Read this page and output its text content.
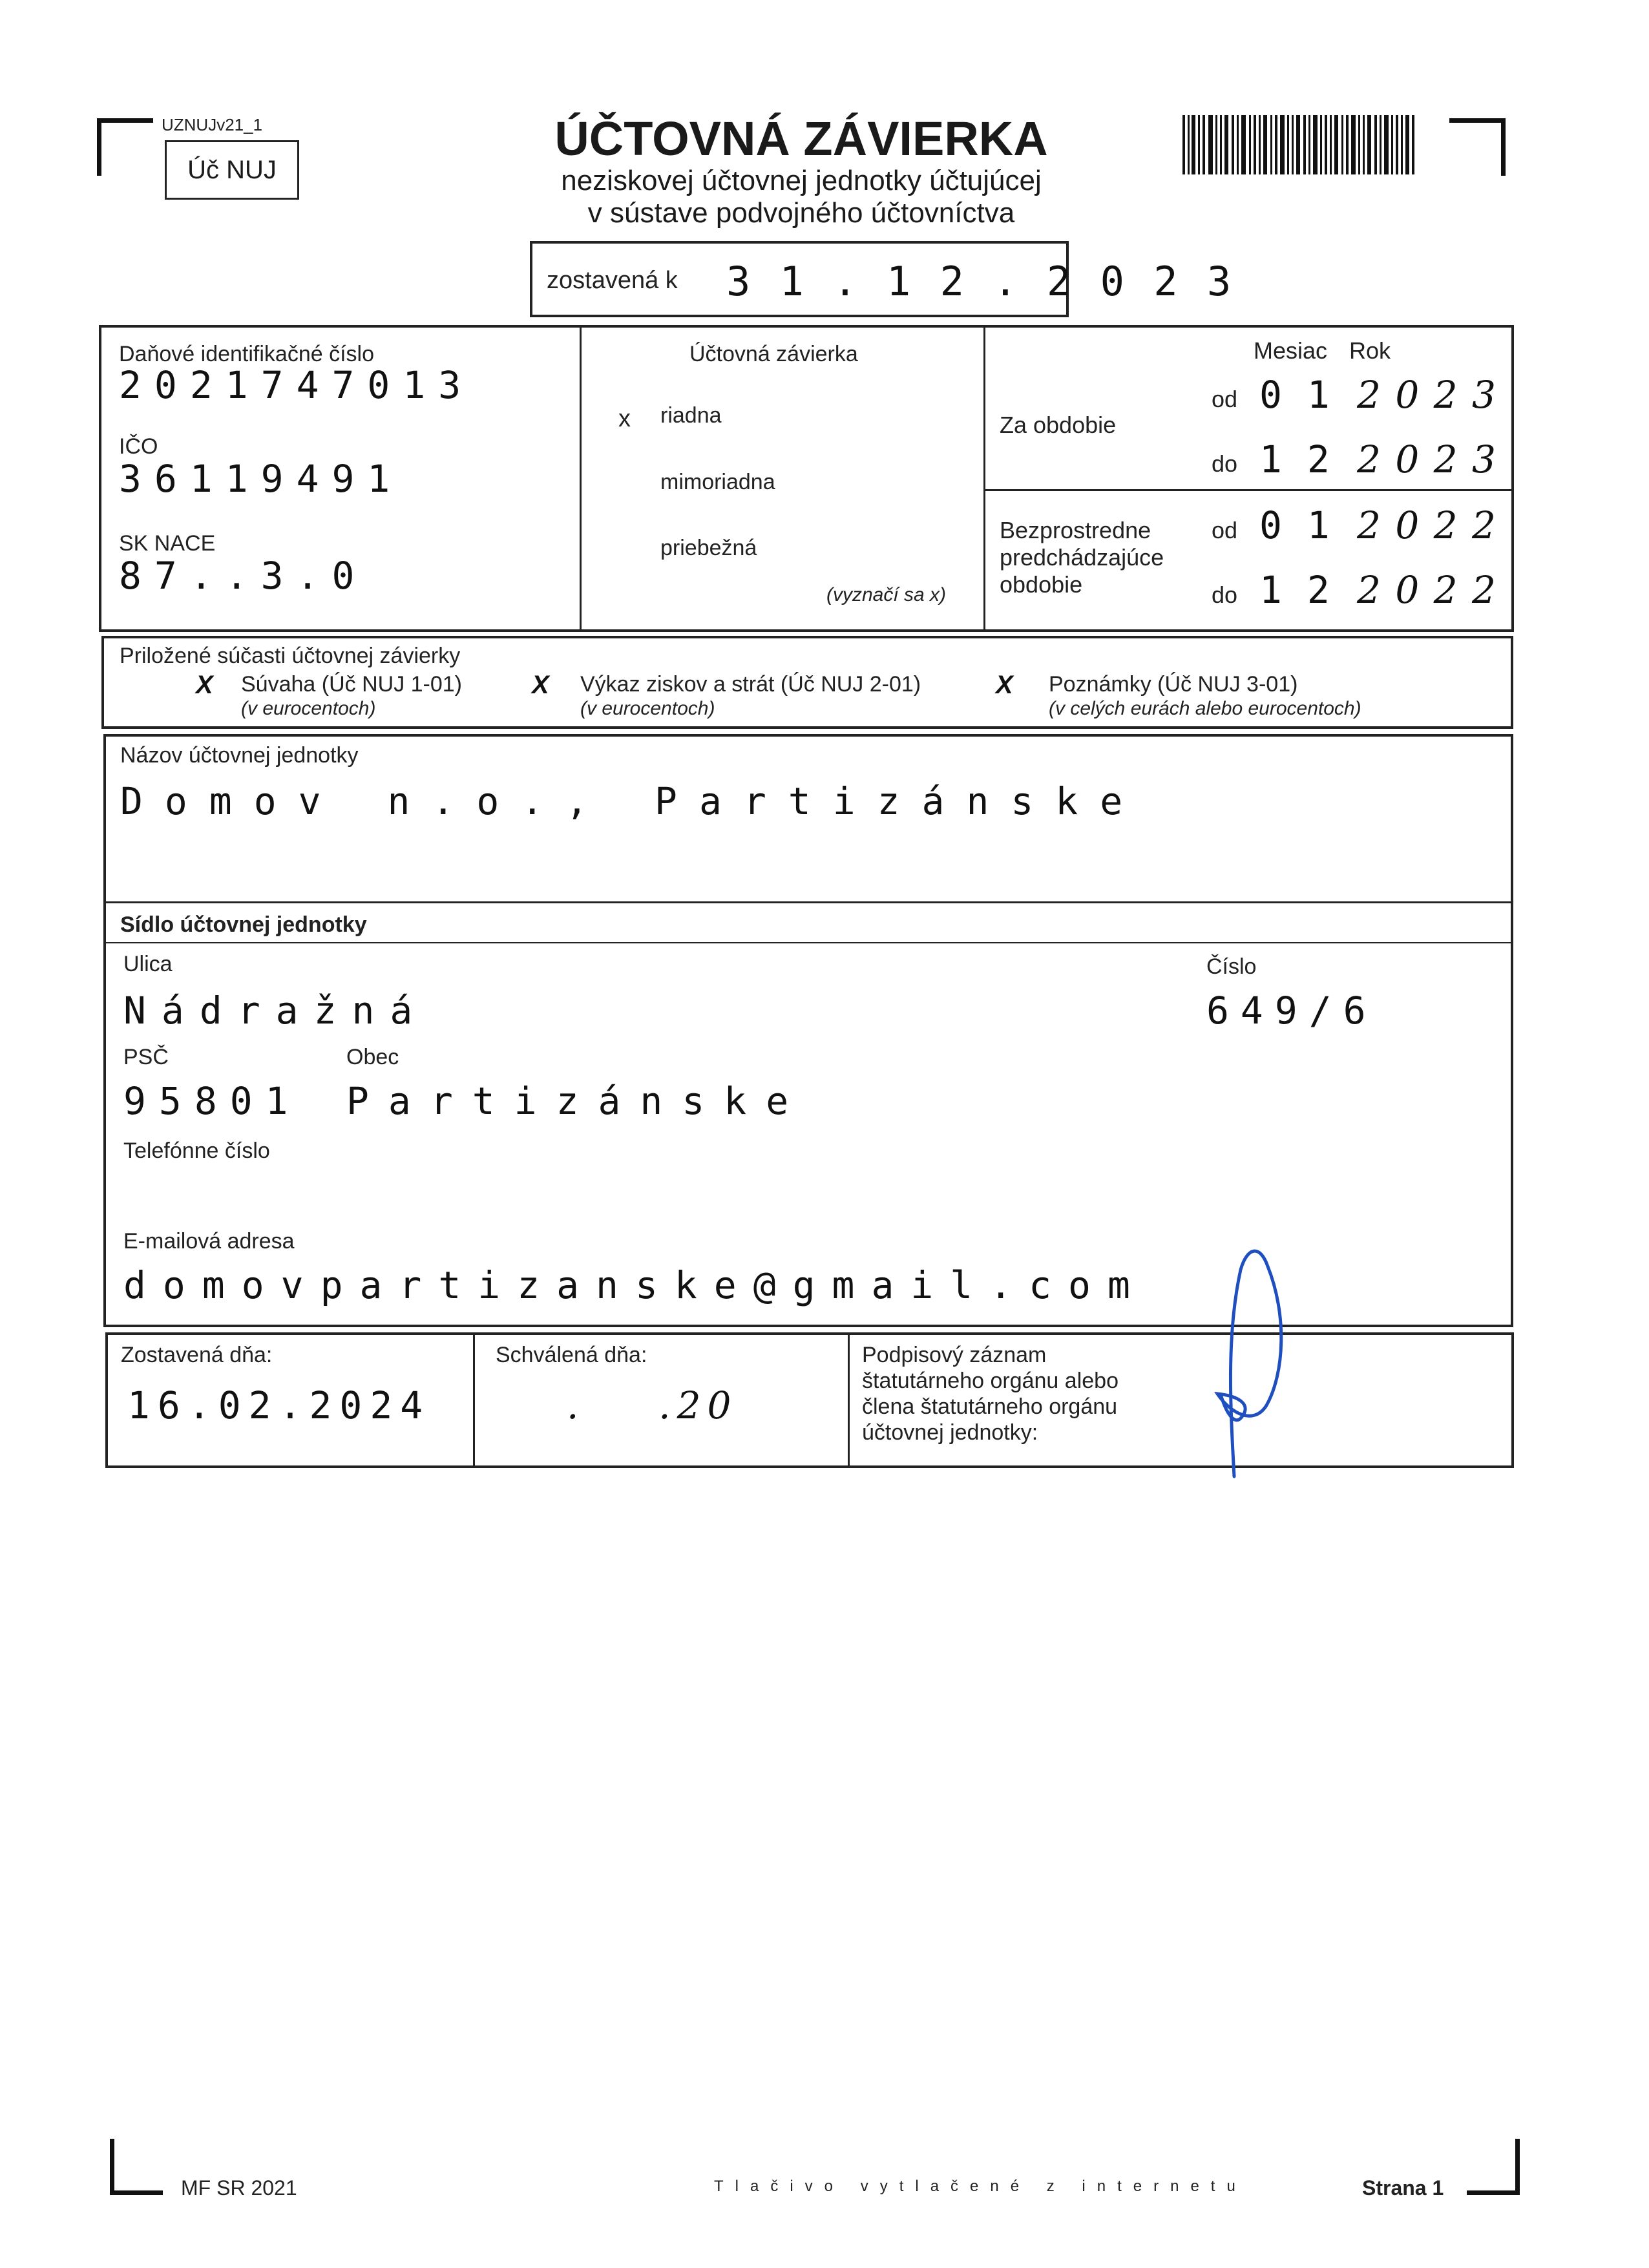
UZNUJv21_1
Úč NUJ
ÚČTOVNÁ ZÁVIERKA
neziskovej účtovnej jednotky účtujúcej
v sústave podvojného účtovníctva
zostavená k 3 1 . 1 2 . 2 0 2 3
Daňové identifikačné číslo
2021747013
IČO
36119491
SK NACE
87..3.0
Účtovná závierka
x riadna
mimoriadna
priebežná
(vyznačí sa x)
Mesiac Rok
Za obdobie
od 0 1 2 0 2 3
do 1 2 2 0 2 3
Bezprostredne
predchádzajúce
obdobie
od 0 1 2 0 2 2
do 1 2 2 0 2 2
Priložené súčasti účtovnej závierky
X Súvaha (Úč NUJ 1-01)
(v eurocentoch)
X Výkaz ziskov a strát (Úč NUJ 2-01)
(v eurocentoch)
X Poznámky (Úč NUJ 3-01)
(v celých eurách alebo eurocentoch)
Názov účtovnej jednotky
Domov n.o., Partizánske
Sídlo účtovnej jednotky
Ulica
Nádražná
Číslo
649/6
PSČ
95801
Obec
Partizánske
Telefónne číslo
E-mailová adresa
domovpartizanske@gmail.com
Zostavená dňa:
16.02.2024
Schválená dňa:
.    .20
Podpisový záznam
štatutárneho orgánu alebo
člena štatutárneho orgánu
účtovnej jednotky:
MF SR 2021	Tlačivo vytlačené z internetu	Strana 1
